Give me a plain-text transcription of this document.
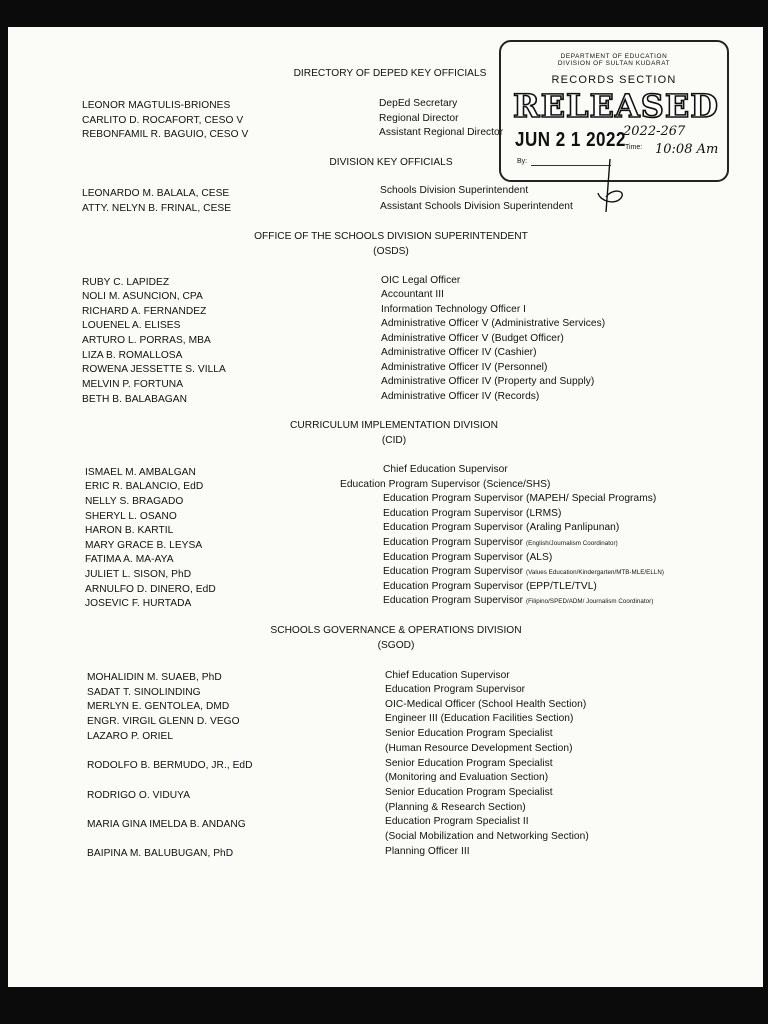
DIRECTORY OF DEPED KEY OFFICIALS
LEONOR MAGTULIS-BRIONES	DepEd Secretary
CARLITO D. ROCAFORT, CESO V	Regional Director
REBONFAMIL R. BAGUIO, CESO V	Assistant Regional Director
DIVISION KEY OFFICIALS
LEONARDO M. BALALA, CESE	Schools Division Superintendent
ATTY. NELYN B. FRINAL, CESE	Assistant Schools Division Superintendent
OFFICE OF THE SCHOOLS DIVISION SUPERINTENDENT
(OSDS)
RUBY C. LAPIDEZ	OIC Legal Officer
NOLI M. ASUNCION, CPA	Accountant III
RICHARD A. FERNANDEZ	Information Technology Officer I
LOUENEL A. ELISES	Administrative Officer V (Administrative Services)
ARTURO L. PORRAS, MBA	Administrative Officer V (Budget Officer)
LIZA B. ROMALLOSA	Administrative Officer IV (Cashier)
ROWENA JESSETTE S. VILLA	Administrative Officer IV (Personnel)
MELVIN P. FORTUNA	Administrative Officer IV (Property and Supply)
BETH B. BALABAGAN	Administrative Officer IV (Records)
CURRICULUM IMPLEMENTATION DIVISION
(CID)
ISMAEL M. AMBALGAN	Chief Education Supervisor
ERIC R. BALANCIO, EdD	Education Program Supervisor (Science/SHS)
NELLY S. BRAGADO	Education Program Supervisor (MAPEH/ Special Programs)
SHERYL L. OSANO	Education Program Supervisor (LRMS)
HARON B. KARTIL	Education Program Supervisor (Araling Panlipunan)
MARY GRACE B. LEYSA	Education Program Supervisor (English/Journalism Coordinator)
FATIMA A. MA-AYA	Education Program Supervisor (ALS)
JULIET L. SISON, PhD	Education Program Supervisor (Values Education/Kindergarten/MTB-MLE/ELLN)
ARNULFO D. DINERO, EdD	Education Program Supervisor (EPP/TLE/TVL)
JOSEVIC F. HURTADA	Education Program Supervisor (Filipino/SPED/ADM/ Journalism Coordinator)
SCHOOLS GOVERNANCE & OPERATIONS DIVISION
(SGOD)
MOHALIDIN M. SUAEB, PhD	Chief Education Supervisor
SADAT T. SINOLINDING	Education Program Supervisor
MERLYN E. GENTOLEA, DMD	OIC-Medical Officer (School Health Section)
ENGR. VIRGIL GLENN D. VEGO	Engineer III (Education Facilities Section)
LAZARO P. ORIEL	Senior Education Program Specialist
(Human Resource Development Section)
RODOLFO B. BERMUDO, JR., EdD	Senior Education Program Specialist
(Monitoring and Evaluation Section)
RODRIGO O. VIDUYA	Senior Education Program Specialist
(Planning & Research Section)
MARIA GINA IMELDA B. ANDANG	Education Program Specialist II
(Social Mobilization and Networking Section)
BAIPINA M. BALUBUGAN, PhD	Planning Officer III
DEPARTMENT OF EDUCATION
DIVISION OF SULTAN KUDARAT
RECORDS SECTION
RELEASED
JUN 2 1 2022
2022-267
Time: 10:08 Am
By:
